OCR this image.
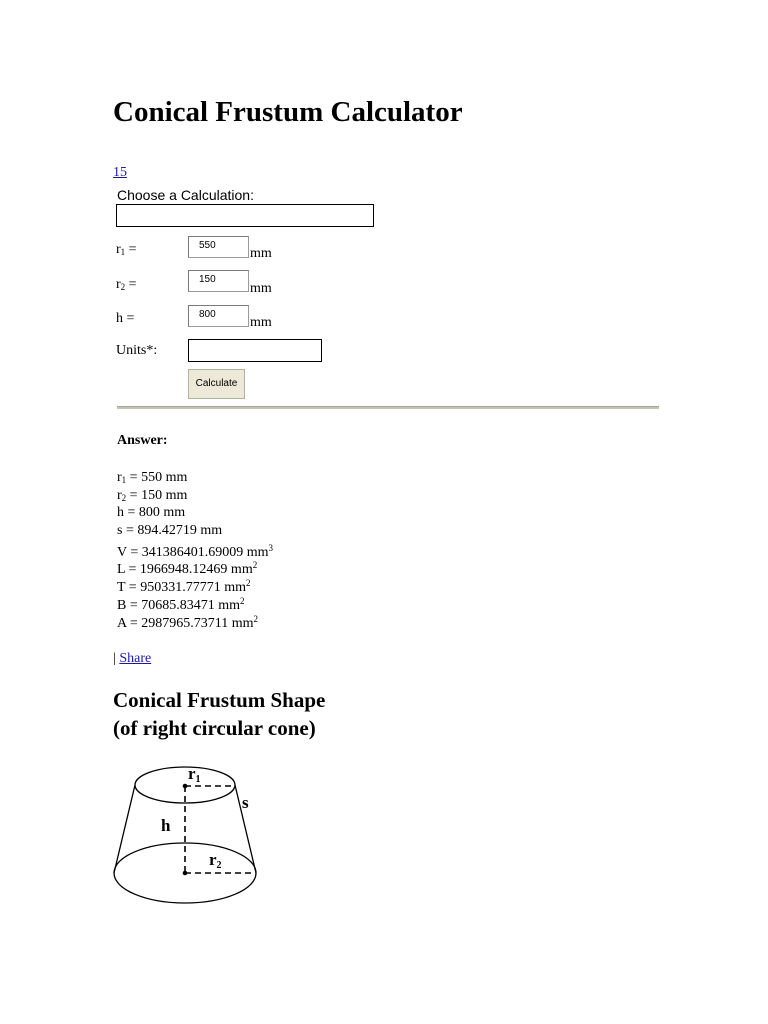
Conical Frustum Calculator
15
Choose a Calculation:
$r_1$ =	550
mm
$r_2$ =	150
mm
h =	800
mm
Units*:
Calculate
Answer:
$r_1 = 550$ mm
$r_2 = 150$ mm
h = 800 mm
s = 894.42719 mm
V = 341386401.69009 $mm^3$
L = 1966948.12469 $mm^2$
T = 950331.77771 $mm^2$
B = 70685.83471 $mm^2$
A = 2987965.73711 $mm^2$
| Share
Conical Frustum Shape
(of right circular cone)
r1
s
h
r2
